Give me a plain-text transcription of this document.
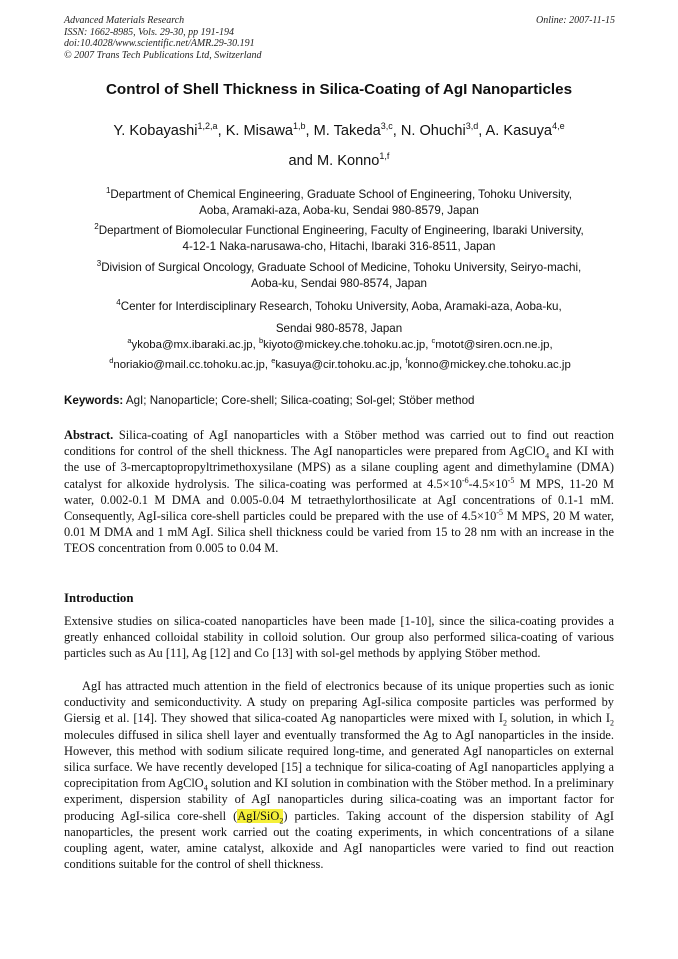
Advanced Materials Research
ISSN: 1662-8985, Vols. 29-30, pp 191-194
doi:10.4028/www.scientific.net/AMR.29-30.191
© 2007 Trans Tech Publications Ltd, Switzerland
Online: 2007-11-15
Control of Shell Thickness in Silica-Coating of AgI Nanoparticles
Y. Kobayashi$^{1,2,a}$, K. Misawa$^{1,b}$, M. Takeda$^{3,c}$, N. Ohuchi$^{3,d}$, A. Kasuya$^{4,e}$
and M. Konno$^{1,f}$
$^1$Department of Chemical Engineering, Graduate School of Engineering, Tohoku University,
Aoba, Aramaki-aza, Aoba-ku, Sendai 980-8579, Japan
$^2$Department of Biomolecular Functional Engineering, Faculty of Engineering, Ibaraki University,
4-12-1 Naka-narusawa-cho, Hitachi, Ibaraki 316-8511, Japan
$^3$Division of Surgical Oncology, Graduate School of Medicine, Tohoku University, Seiryo-machi,
Aoba-ku, Sendai 980-8574, Japan
$^4$Center for Interdisciplinary Research, Tohoku University, Aoba, Aramaki-aza, Aoba-ku,
Sendai 980-8578, Japan
$^a$ykoba@mx.ibaraki.ac.jp, $^b$kiyoto@mickey.che.tohoku.ac.jp, $^c$motot@siren.ocn.ne.jp,
$^d$noriakio@mail.cc.tohoku.ac.jp, $^e$kasuya@cir.tohoku.ac.jp, $^f$konno@mickey.che.tohoku.ac.jp
Keywords: AgI; Nanoparticle; Core-shell; Silica-coating; Sol-gel; Stöber method
Abstract. Silica-coating of AgI nanoparticles with a Stöber method was carried out to find out reaction conditions for control of the shell thickness. The AgI nanoparticles were prepared from AgClO$_4$ and KI with the use of 3-mercaptopropyltrimethoxysilane (MPS) as a silane coupling agent and dimethylamine (DMA) catalyst for alkoxide hydrolysis. The silica-coating was performed at $4.5\times 10^{-6}-4.5\times 10^{-5}$ M MPS, 11-20 M water, 0.002-0.1 M DMA and 0.005-0.04 M tetraethylorthosilicate at AgI concentrations of 0.1-1 mM. Consequently, AgI-silica core-shell particles could be prepared with the use of $4.5\times 10^{-5}$ M MPS, 20 M water, 0.01 M DMA and 1 mM AgI. Silica shell thickness could be varied from 15 to 28 nm with an increase in the TEOS concentration from 0.005 to 0.04 M.
Introduction
Extensive studies on silica-coated nanoparticles have been made [1-10], since the silica-coating provides a greatly enhanced colloidal stability in colloid solution. Our group also performed silica-coating of various particles such as Au [11], Ag [12] and Co [13] with sol-gel methods by applying Stöber method.
AgI has attracted much attention in the field of electronics because of its unique properties such as ionic conductivity and semiconductivity. A study on preparing AgI-silica composite particles was performed by Giersig et al. [14]. They showed that silica-coated Ag nanoparticles were mixed with $I_2$ solution, in which $I_2$ molecules diffused in silica shell layer and eventually transformed the Ag to AgI nanoparticles in the inside. However, this method with sodium silicate required long-time, and generated AgI nanoparticles on external silica surface. We have recently developed [15] a technique for silica-coating of AgI nanoparticles applying a coprecipitation from AgClO$_4$ solution and KI solution in combination with the Stöber method. In a preliminary experiment, dispersion stability of AgI nanoparticles during silica-coating was an important factor for producing AgI-silica core-shell (AgI/SiO$_2$) particles. Taking account of the dispersion stability of AgI nanoparticles, the present work carried out the coating experiments, in which concentrations of a silane coupling agent, water, amine catalyst, alkoxide and AgI nanoparticles were varied to find out reaction conditions suitable for the control of shell thickness.
